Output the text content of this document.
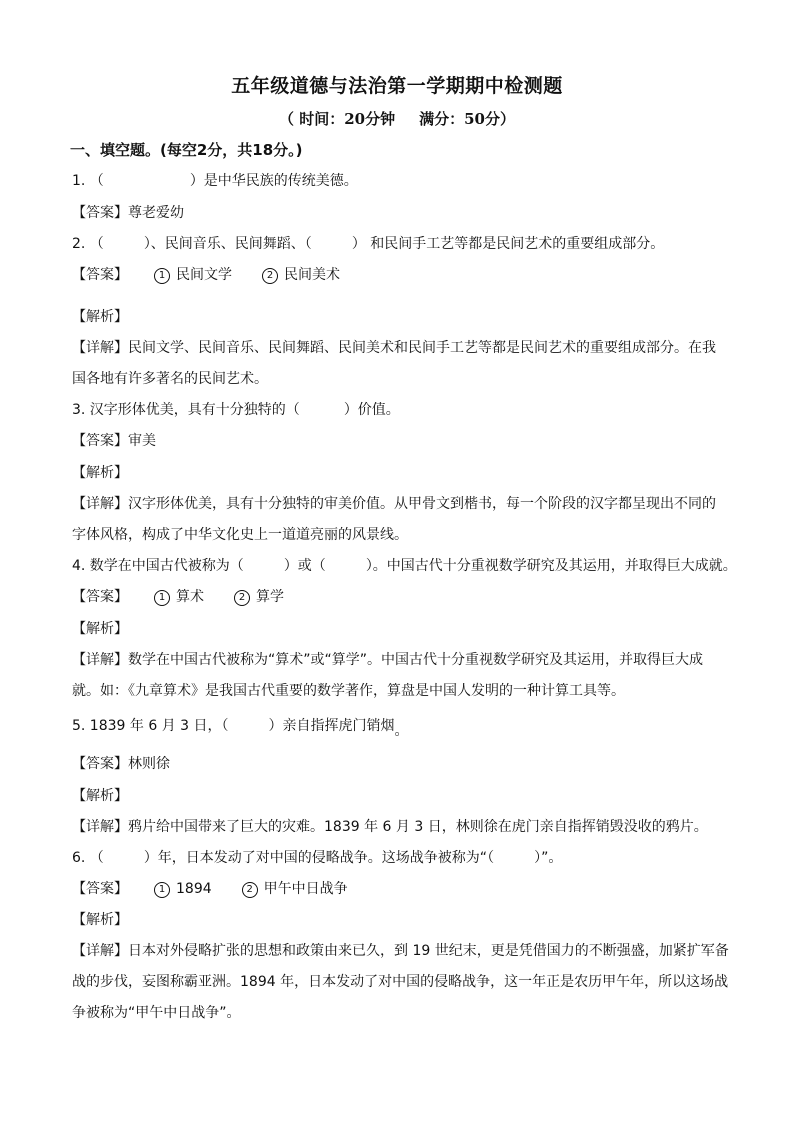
五年级道德与法治第一学期期中检测题
（ 时间：20分钟 满分：50分）
一、填空题。(每空2分，共18分。)
1. （	）是中华民族的传统美德。
【答案】尊老爱幼
2. （	）、民间音乐、民间舞蹈、（	） 和民间手工艺等都是民间艺术的重要组成部分。
【答案】	1 民间文学	2 民间美术
【解析】
【详解】民间文学、民间音乐、民间舞蹈、民间美术和民间手工艺等都是民间艺术的重要组成部分。在我
国各地有许多著名的民间艺术。
3. 汉字形体优美，具有十分独特的（	）价值。
【答案】审美
【解析】
【详解】汉字形体优美，具有十分独特的审美价值。从甲骨文到楷书，每一个阶段的汉字都呈现出不同的
字体风格，构成了中华文化史上一道道亮丽的风景线。
4. 数学在中国古代被称为（	）或（	）。中国古代十分重视数学研究及其运用，并取得巨大成就。
【答案】	1 算术	2 算学
【解析】
【详解】数学在中国古代被称为“算术”或“算学”。中国古代十分重视数学研究及其运用，并取得巨大成
就。如：《九章算术》是我国古代重要的数学著作，算盘是中国人发明的一种计算工具等。
5. 1839 年 6 月 3 日，（	）亲自指挥虎门销烟。
【答案】林则徐
【解析】
【详解】鸦片给中国带来了巨大的灾难。1839 年 6 月 3 日，林则徐在虎门亲自指挥销毁没收的鸦片。
6. （	）年，日本发动了对中国的侵略战争。这场战争被称为“（	）”。
【答案】	1 1894	2 甲午中日战争
【解析】
【详解】日本对外侵略扩张的思想和政策由来已久，到 19 世纪末，更是凭借国力的不断强盛，加紧扩军备
战的步伐，妄图称霸亚洲。1894 年，日本发动了对中国的侵略战争，这一年正是农历甲午年，所以这场战
争被称为“甲午中日战争”。
